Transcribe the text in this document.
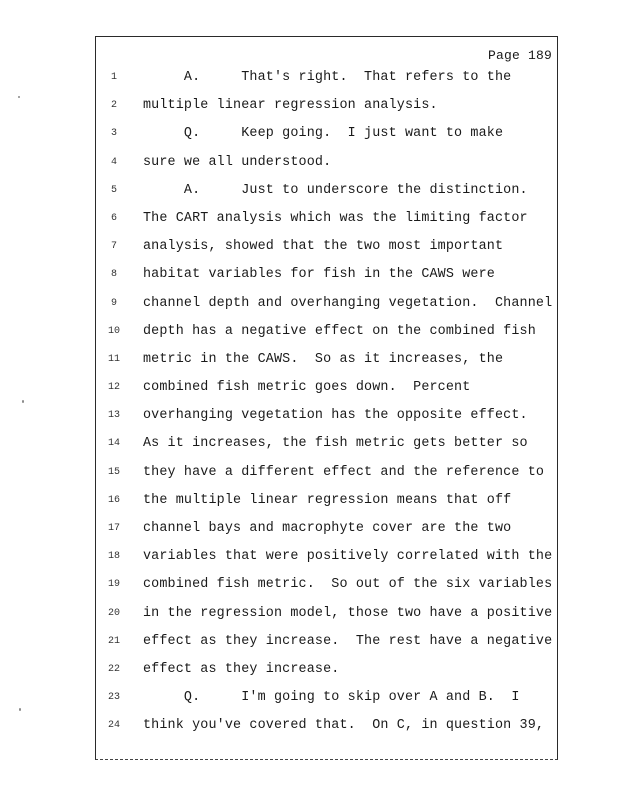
Page 189
1	A.     That's right.  That refers to the
2	multiple linear regression analysis.
3	Q.     Keep going.  I just want to make
4	sure we all understood.
5	A.     Just to underscore the distinction.
6	The CART analysis which was the limiting factor
7	analysis, showed that the two most important
8	habitat variables for fish in the CAWS were
9	channel depth and overhanging vegetation.  Channel
10	depth has a negative effect on the combined fish
11	metric in the CAWS.  So as it increases, the
12	combined fish metric goes down.  Percent
13	overhanging vegetation has the opposite effect.
14	As it increases, the fish metric gets better so
15	they have a different effect and the reference to
16	the multiple linear regression means that off
17	channel bays and macrophyte cover are the two
18	variables that were positively correlated with the
19	combined fish metric.  So out of the six variables
20	in the regression model, those two have a positive
21	effect as they increase.  The rest have a negative
22	effect as they increase.
23	Q.     I'm going to skip over A and B.  I
24	think you've covered that.  On C, in question 39,
